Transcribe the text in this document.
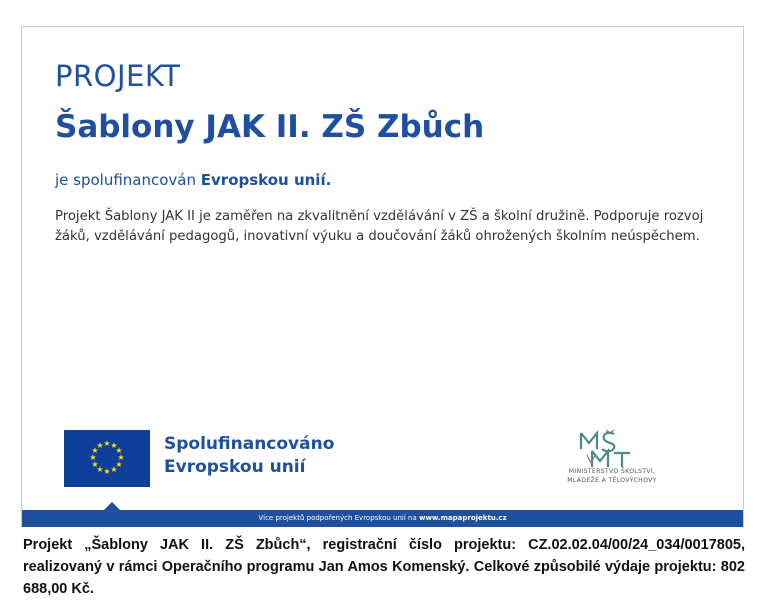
PROJEKT
Šablony JAK II. ZŠ Zbůch
je spolufinancován Evropskou unií.
Projekt Šablony JAK II je zaměřen na zkvalitnění vzdělávání v ZŠ a školní družině. Podporuje rozvoj žáků, vzdělávání pedagogů, inovativní výuku a doučování žáků ohrožených školním neúspěchem.
★ ★
★
★
★
★
★
★
★
★
★
★	Spolufinancováno
Evropskou unií	MINISTERSTVO ŠKOLSTVÍ,
MLÁDEŽE A TĚLOVÝCHOVY
Více projektů podpořených Evropskou unií na www.mapaprojektu.cz
Projekt „Šablony JAK II. ZŠ Zbůch“, registrační číslo projektu: CZ.02.02.04/00/24_034/0017805, realizovaný v rámci Operačního programu Jan Amos Komenský. Celkové způsobilé výdaje projektu: 802 688,00 Kč.
